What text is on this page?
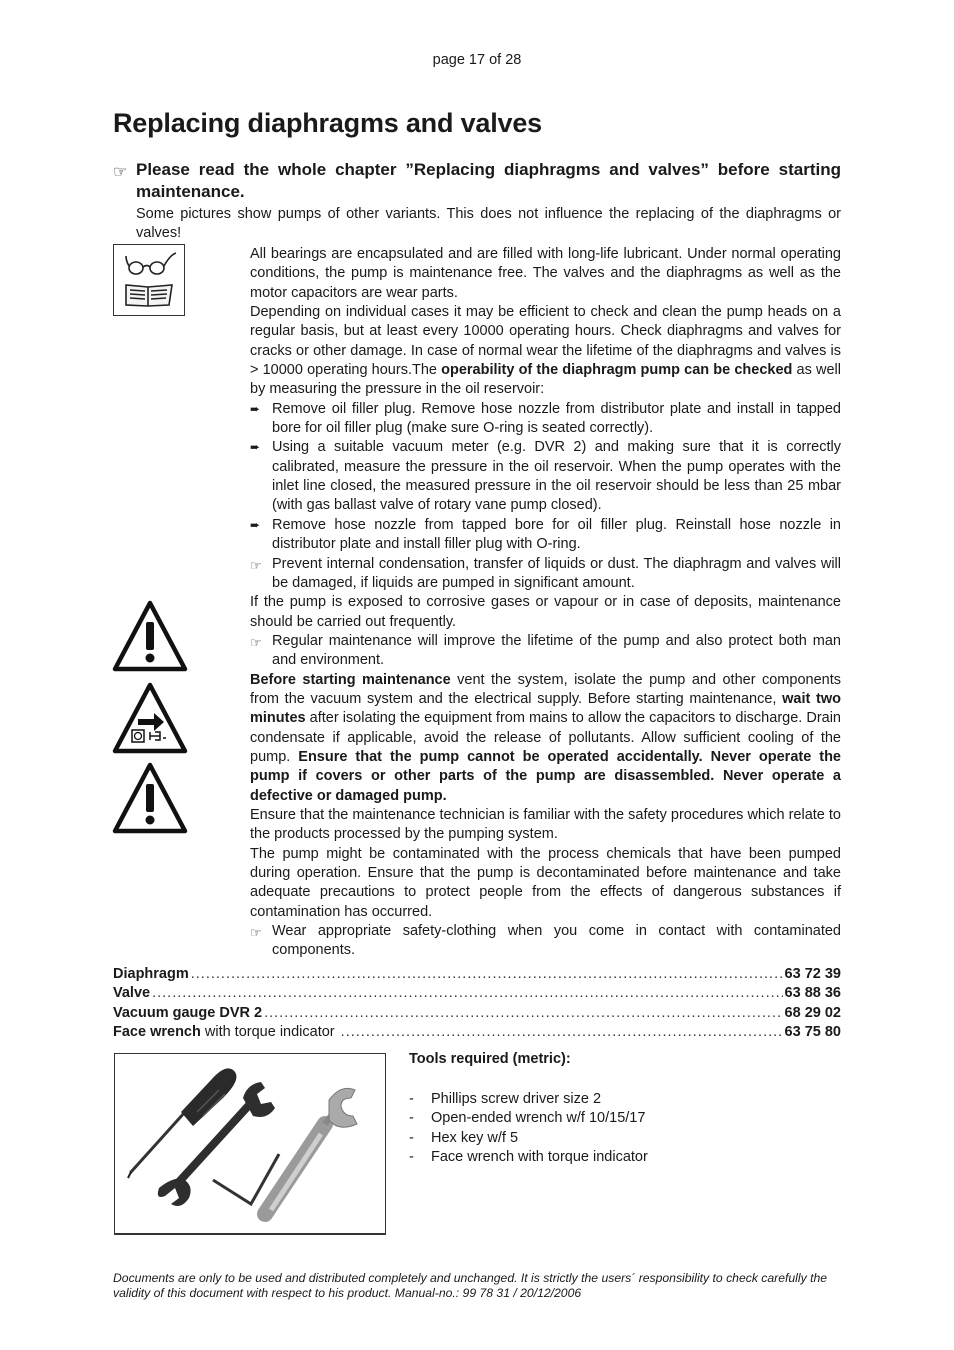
page 17 of 28
Replacing diaphragms and valves
☞ Please read the whole chapter ”Replacing diaphragms and valves” before starting maintenance.
Some pictures show pumps of other variants. This does not influence the replacing of the diaphragms or valves!

All bearings are encapsulated and are filled with long-life lubricant. Under normal operating conditions, the pump is maintenance free. The valves and the diaphragms as well as the motor capacitors are wear parts.

Depending on individual cases it may be efficient to check and clean the pump heads on a regular basis, but at least every 10000 operating hours. Check diaphragms and valves for cracks or other damage. In case of normal wear the lifetime of the diaphragms and valves is > 10000 operating hours.The operability of the diaphragm pump can be checked as well by measuring the pressure in the oil reservoir:

➨ Remove oil filler plug. Remove hose nozzle from distributor plate and install in tapped bore for oil filler plug (make sure O-ring is seated correctly).
➨ Using a suitable vacuum meter (e.g. DVR 2) and making sure that it is correctly calibrated, measure the pressure in the oil reservoir. When the pump operates with the inlet line closed, the measured pressure in the oil reservoir should be less than 25 mbar (with gas ballast valve of rotary vane pump closed).
➨ Remove hose nozzle from tapped bore for oil filler plug. Reinstall hose nozzle in distributor plate and install filler plug with O-ring.
☞ Prevent internal condensation, transfer of liquids or dust. The diaphragm and valves will be damaged, if liquids are pumped in significant amount.

If the pump is exposed to corrosive gases or vapour or in case of deposits, maintenance should be carried out frequently.

☞ Regular maintenance will improve the lifetime of the pump and also protect both man and environment.

Before starting maintenance vent the system, isolate the pump and other components from the vacuum system and the electrical supply. Before starting maintenance, wait two minutes after isolating the equipment from mains to allow the capacitors to discharge. Drain condensate if applicable, avoid the release of pollutants. Allow sufficient cooling of the pump. Ensure that the pump cannot be operated accidentally. Never operate the pump if covers or other parts of the pump are disassembled. Never operate a defective or damaged pump.

Ensure that the maintenance technician is familiar with the safety procedures which relate to the products processed by the pumping system.

The pump might be contaminated with the process chemicals that have been pumped during operation. Ensure that the pump is decontaminated before maintenance and take adequate precautions to protect people from the effects of dangerous substances if contamination has occurred.

☞ Wear appropriate safety-clothing when you come in contact with contaminated components.
Diaphragm .....	63 72 39
Valve .....	63 88 36
Vacuum gauge DVR 2 .....	68 29 02
Face wrench with torque indicator .....	63 75 80
Tools required (metric):
- Phillips screw driver size 2
- Open-ended wrench w/f 10/15/17
- Hex key w/f 5
- Face wrench with torque indicator
Documents are only to be used and distributed completely and unchanged. It is strictly the users´ responsibility to check carefully the validity of this document with respect to his product. Manual-no.: 99 78 31 / 20/12/2006
